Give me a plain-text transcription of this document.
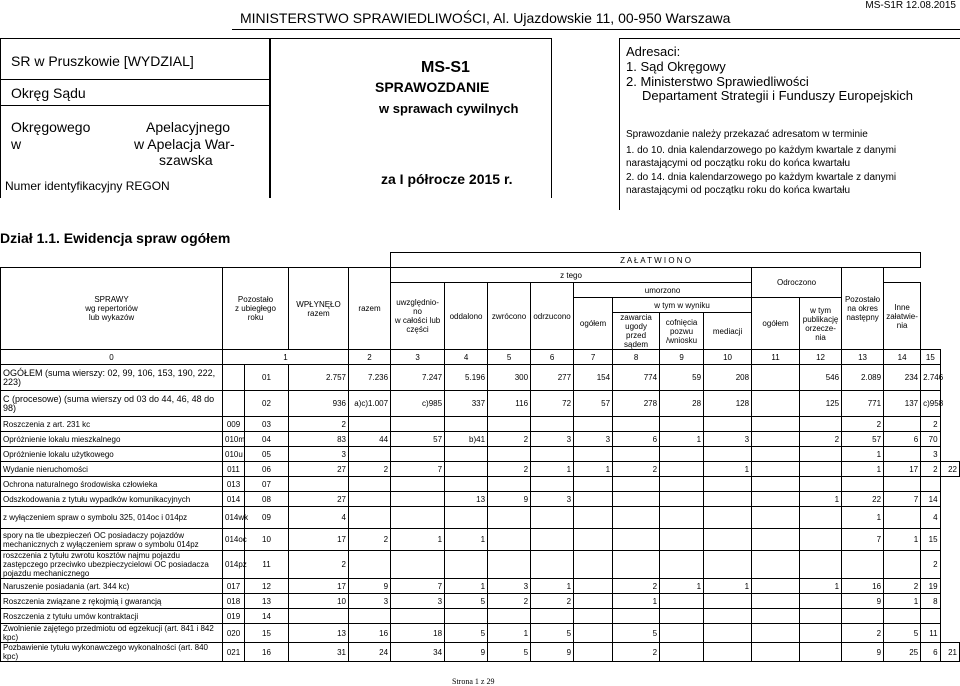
MINISTERSTWO SPRAWIEDLIWOŚCI, Al. Ujazdowskie 11, 00-950 Warszawa
MS-S1R 12.08.2015
SR w Pruszkowie [WYDZIAL]
Okręg Sądu
Okręgowego
w
Apelacyjnego
w Apelacja War-
szawska
Numer identyfikacyjny REGON
MS-S1
SPRAWOZDANIE
w sprawach cywilnych
za I półrocze 2015 r.
Adresaci:
1. Sąd Okręgowy
2. Ministerstwo Sprawiedliwości
Departament Strategii i Funduszy Europejskich
Sprawozdanie należy przekazać adresatom w terminie
1. do 10. dnia kalendarzowego po każdym kwartale z danymi
narastającymi od początku roku do końca kwartału
2. do 14. dnia kalendarzowego po każdym kwartale z danymi
narastającymi od początku roku do końca kwartału
Dział 1.1. Ewidencja spraw ogółem
					Z A Ł A T W I O N O													
SPRAWY
wg repertoriów
lub wykazów	Pozostało
z ubiegłego
roku		WPŁYNĘŁO
razem	razem	z tego								Odroczono		Pozostało
na okres
następny			
					uwzględnio-
no
w całości lub
części	oddalono	zwrócono	odrzucono	umorzono							Inne
załatwie-
nia		
									ogółem	w tym w wyniku			ogółem	w tym
publikację
orzecze-
nia				
										zawarcia
ugody przed
sądem	cofnięcia
pozwu
/wniosku	mediacji						
0	1			2	3	4	5	6	7	8	9	10	11	12	13	14	15	
OGÓŁEM (suma wierszy: 02, 99, 106, 153, 190, 222, 223)		01	2.757	7.236	7.247	5.196	300	277	154	774	59	208		546	2.089	234	2.746	
C (procesowe) (suma wierszy od 03 do 44, 46, 48 do 98)		02	936	a)c)1.007	c)985	337	116	72	57	278	28	128		125	771	137	c)958	
Roszczenia z art. 231 kc	009	03	2												2		2	
Opróżnienie lokalu mieszkalnego	010m	04	83	44	57	b)41	2	3	3	6	1	3		2	57	6	70	
Opróżnienie lokalu użytkowego	010u	05	3												1		3	
Wydanie nieruchomości	011	06	27	2	7		2	1	1	2		1			1	17	2	22
Ochrona naturalnego środowiska człowieka	013	07																
Odszkodowania z tytułu wypadków komunikacyjnych	014	08	27			13	9	3						1	22	7	14	
z wyłączeniem spraw o symbolu 325, 014oc i 014pz	014wk	09	4												1		4	
spory na tle ubezpieczeń OC posiadaczy pojazdów mechanicznych z wyłączeniem spraw o symbolu 014pz	014oc	10	17	2	1	1									7	1	15	
roszczenia z tytułu zwrotu kosztów najmu pojazdu zastępczego przeciwko ubezpieczycielowi OC posiadacza pojazdu mechanicznego	014pz	11	2														2	
Naruszenie posiadania (art. 344 kc)	017	12	17	9	7	1	3	1		2	1	1		1	16	2	19	
Roszczenia związane z rękojmią i gwarancją	018	13	10	3	3	5	2	2		1					9	1	8	
Roszczenia z tytułu umów kontraktacji	019	14																
Zwolnienie zajętego przedmiotu od egzekucji (art. 841 i 842 kpc)	020	15	13	16	18	5	1	5		5					2	5	11	
Pozbawienie tytułu wykonawczego wykonalności (art. 840 kpc)	021	16	31	24	34	9	5	9		2					9	25	6	21
Strona 1 z 29
